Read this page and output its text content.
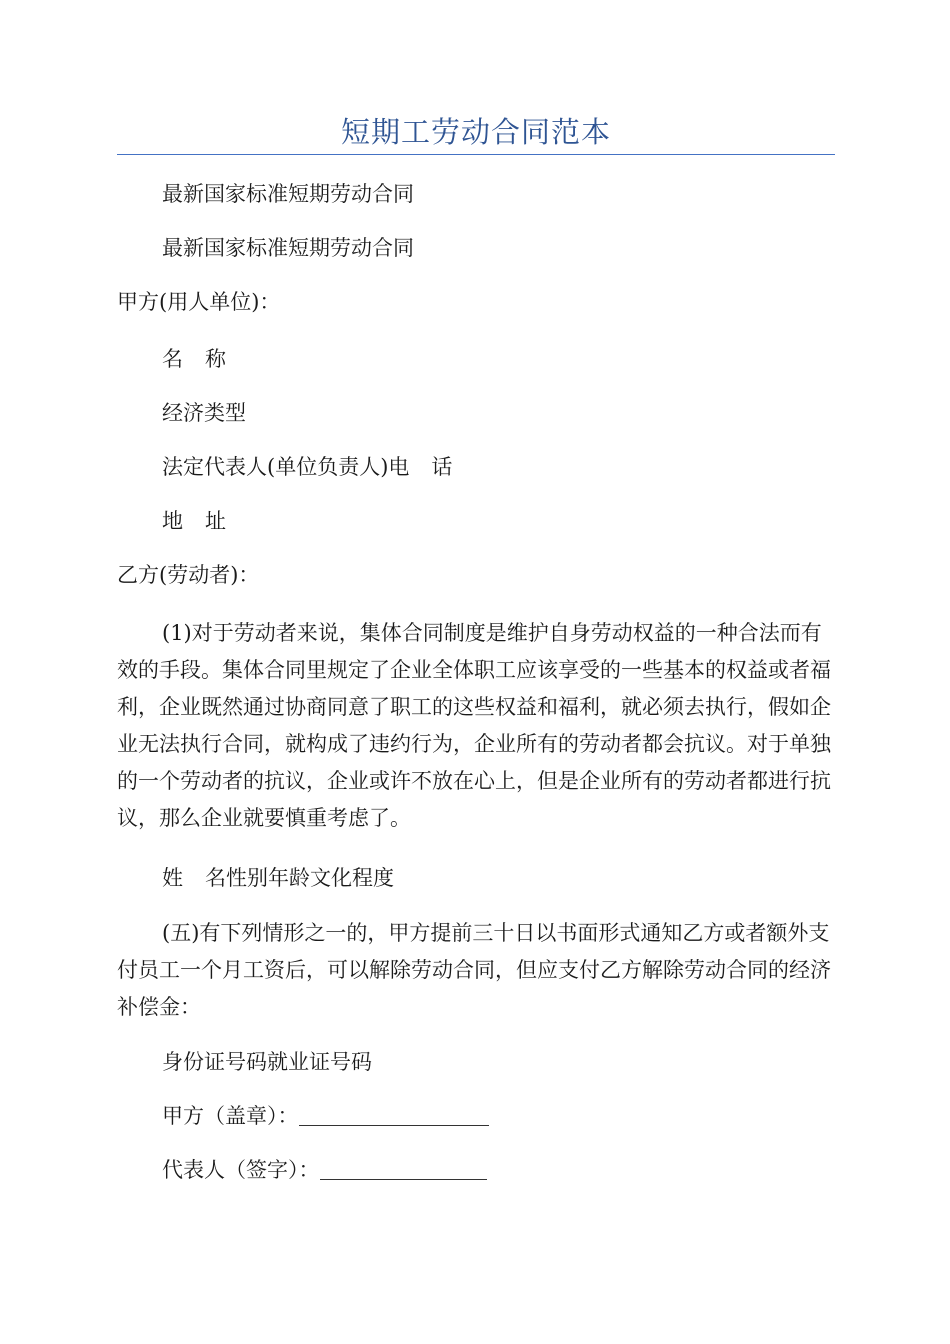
短期工劳动合同范本

最新国家标准短期劳动合同

最新国家标准短期劳动合同

甲方(用人单位)：

名 称

经济类型

法定代表人(单位负责人)电 话

地 址

乙方(劳动者)：

(1)对于劳动者来说，集体合同制度是维护自身劳动权益的一种合法而有效的手段。集体合同里规定了企业全体职工应该享受的一些基本的权益或者福利，企业既然通过协商同意了职工的这些权益和福利，就必须去执行，假如企业无法执行合同，就构成了违约行为，企业所有的劳动者都会抗议。对于单独的一个劳动者的抗议，企业或许不放在心上，但是企业所有的劳动者都进行抗议，那么企业就要慎重考虑了。

姓 名性别年龄文化程度

(五)有下列情形之一的，甲方提前三十日以书面形式通知乙方或者额外支付员工一个月工资后，可以解除劳动合同，但应支付乙方解除劳动合同的经济补偿金：

身份证号码就业证号码

甲方（盖章）：

代表人（签字）：
